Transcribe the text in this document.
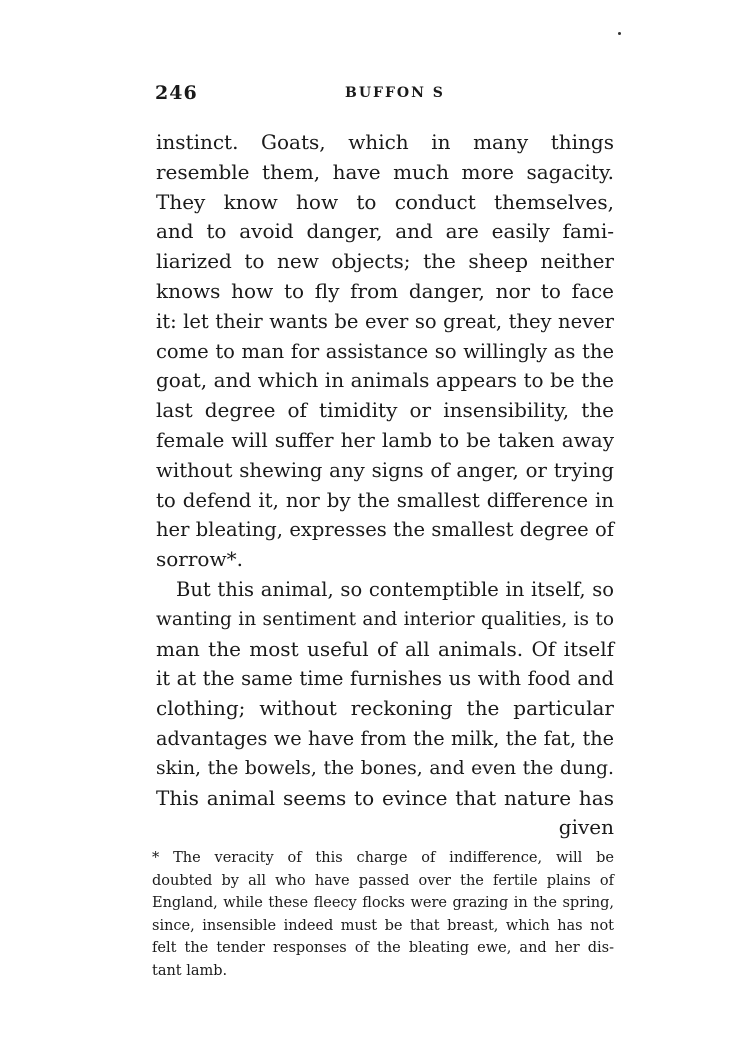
246	BUFFON S
instinct. Goats, which in many things
resemble them, have much more sagacity.
They know how to conduct themselves,
and to avoid danger, and are easily fami-
liarized to new objects; the sheep neither
knows how to fly from danger, nor to face
it: let their wants be ever so great, they never
come to man for assistance so willingly as the
goat, and which in animals appears to be the
last degree of timidity or insensibility, the
female will suffer her lamb to be taken away
without shewing any signs of anger, or trying
to defend it, nor by the smallest difference in
her bleating, expresses the smallest degree of
sorrow*.
But this animal, so contemptible in itself, so
wanting in sentiment and interior qualities, is to
man the most useful of all animals. Of itself
it at the same time furnishes us with food and
clothing; without reckoning the particular
advantages we have from the milk, the fat, the
skin, the bowels, the bones, and even the dung.
This animal seems to evince that nature has
given
* The veracity of this charge of indifference, will be
doubted by all who have passed over the fertile plains of
England, while these fleecy flocks were grazing in the spring,
since, insensible indeed must be that breast, which has not
felt the tender responses of the bleating ewe, and her dis-
tant lamb.
